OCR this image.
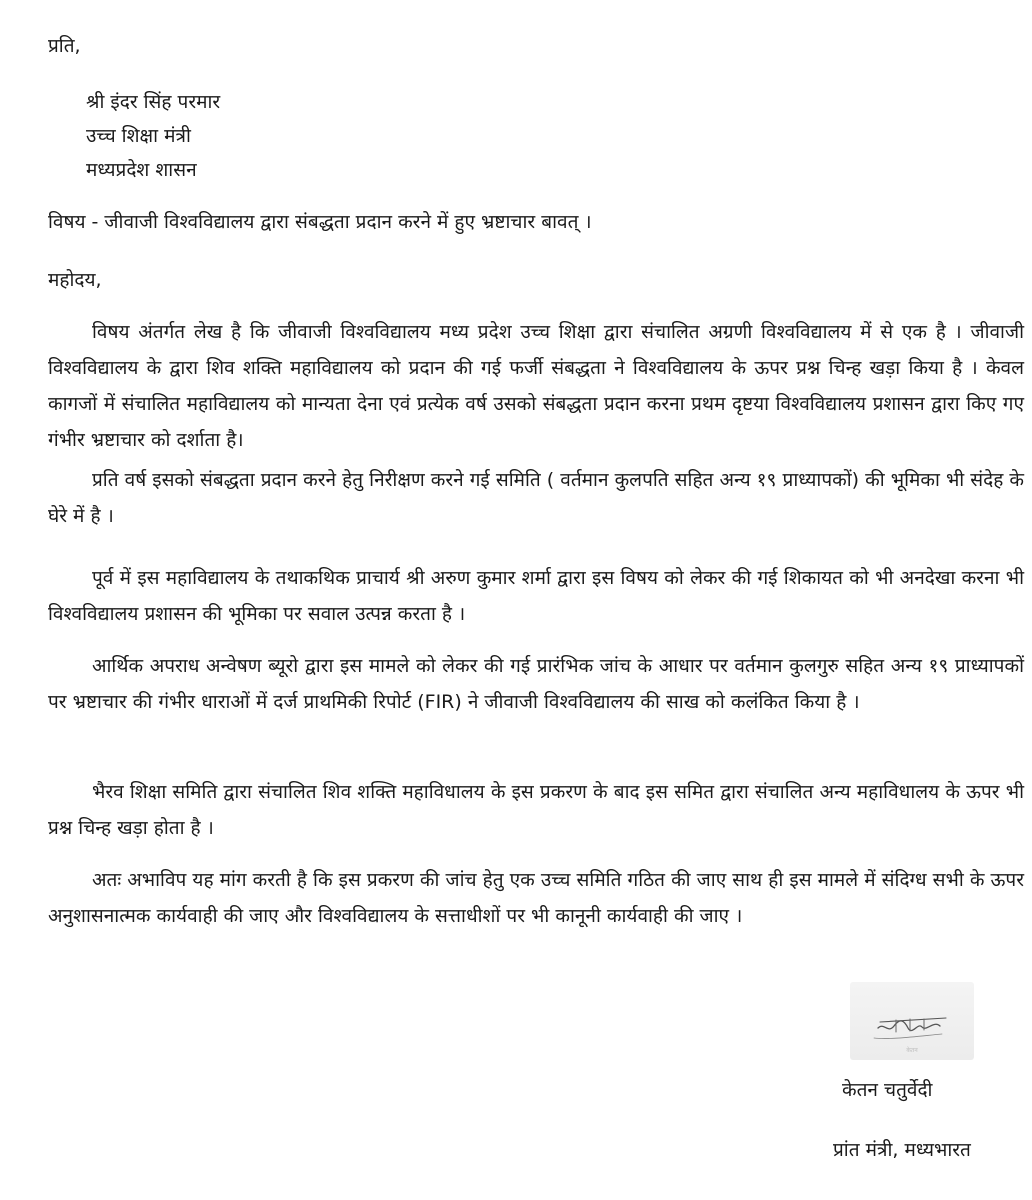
प्रति,
श्री इंदर सिंह परमार
उच्च शिक्षा मंत्री
मध्यप्रदेश शासन
विषय - जीवाजी विश्वविद्यालय द्वारा संबद्धता प्रदान करने में हुए भ्रष्टाचार बावत् ।
महोदय,
विषय अंतर्गत लेख है कि जीवाजी विश्वविद्यालय मध्य प्रदेश उच्च शिक्षा द्वारा संचालित अग्रणी विश्वविद्यालय में से एक है । जीवाजी विश्वविद्यालय के द्वारा शिव शक्ति महाविद्यालय को प्रदान की गई फर्जी संबद्धता ने विश्वविद्यालय के ऊपर प्रश्न चिन्ह खड़ा किया है । केवल कागजों में संचालित महाविद्यालय को मान्यता देना एवं प्रत्येक वर्ष उसको संबद्धता प्रदान करना प्रथम दृष्टया विश्वविद्यालय प्रशासन द्वारा किए गए गंभीर भ्रष्टाचार को दर्शाता है।
प्रति वर्ष इसको संबद्धता प्रदान करने हेतु निरीक्षण करने गई समिति ( वर्तमान कुलपति सहित अन्य १९ प्राध्यापकों) की भूमिका भी संदेह के घेरे में है ।
पूर्व में इस महाविद्यालय के तथाकथिक प्राचार्य श्री अरुण कुमार शर्मा द्वारा इस विषय को लेकर की गई शिकायत को भी अनदेखा करना भी विश्वविद्यालय प्रशासन की भूमिका पर सवाल उत्पन्न करता है ।
आर्थिक अपराध अन्वेषण ब्यूरो द्वारा इस मामले को लेकर की गई प्रारंभिक जांच के आधार पर वर्तमान कुलगुरु सहित अन्य १९ प्राध्यापकों पर भ्रष्टाचार की गंभीर धाराओं में दर्ज प्राथमिकी रिपोर्ट (FIR) ने जीवाजी विश्वविद्यालय की साख को कलंकित किया है ।
भैरव शिक्षा समिति द्वारा संचालित शिव शक्ति महाविधालय के इस प्रकरण के बाद इस समित द्वारा संचालित अन्य महाविधालय के ऊपर भी प्रश्न चिन्ह खड़ा होता है ।
अतः अभाविप यह मांग करती है कि इस प्रकरण की जांच हेतु एक उच्च समिति गठित की जाए साथ ही इस मामले में संदिग्ध सभी के ऊपर अनुशासनात्मक कार्यवाही की जाए और विश्वविद्यालय के सत्ताधीशों पर भी कानूनी कार्यवाही की जाए ।
केतन
केतन चतुर्वेदी
प्रांत मंत्री, मध्यभारत
